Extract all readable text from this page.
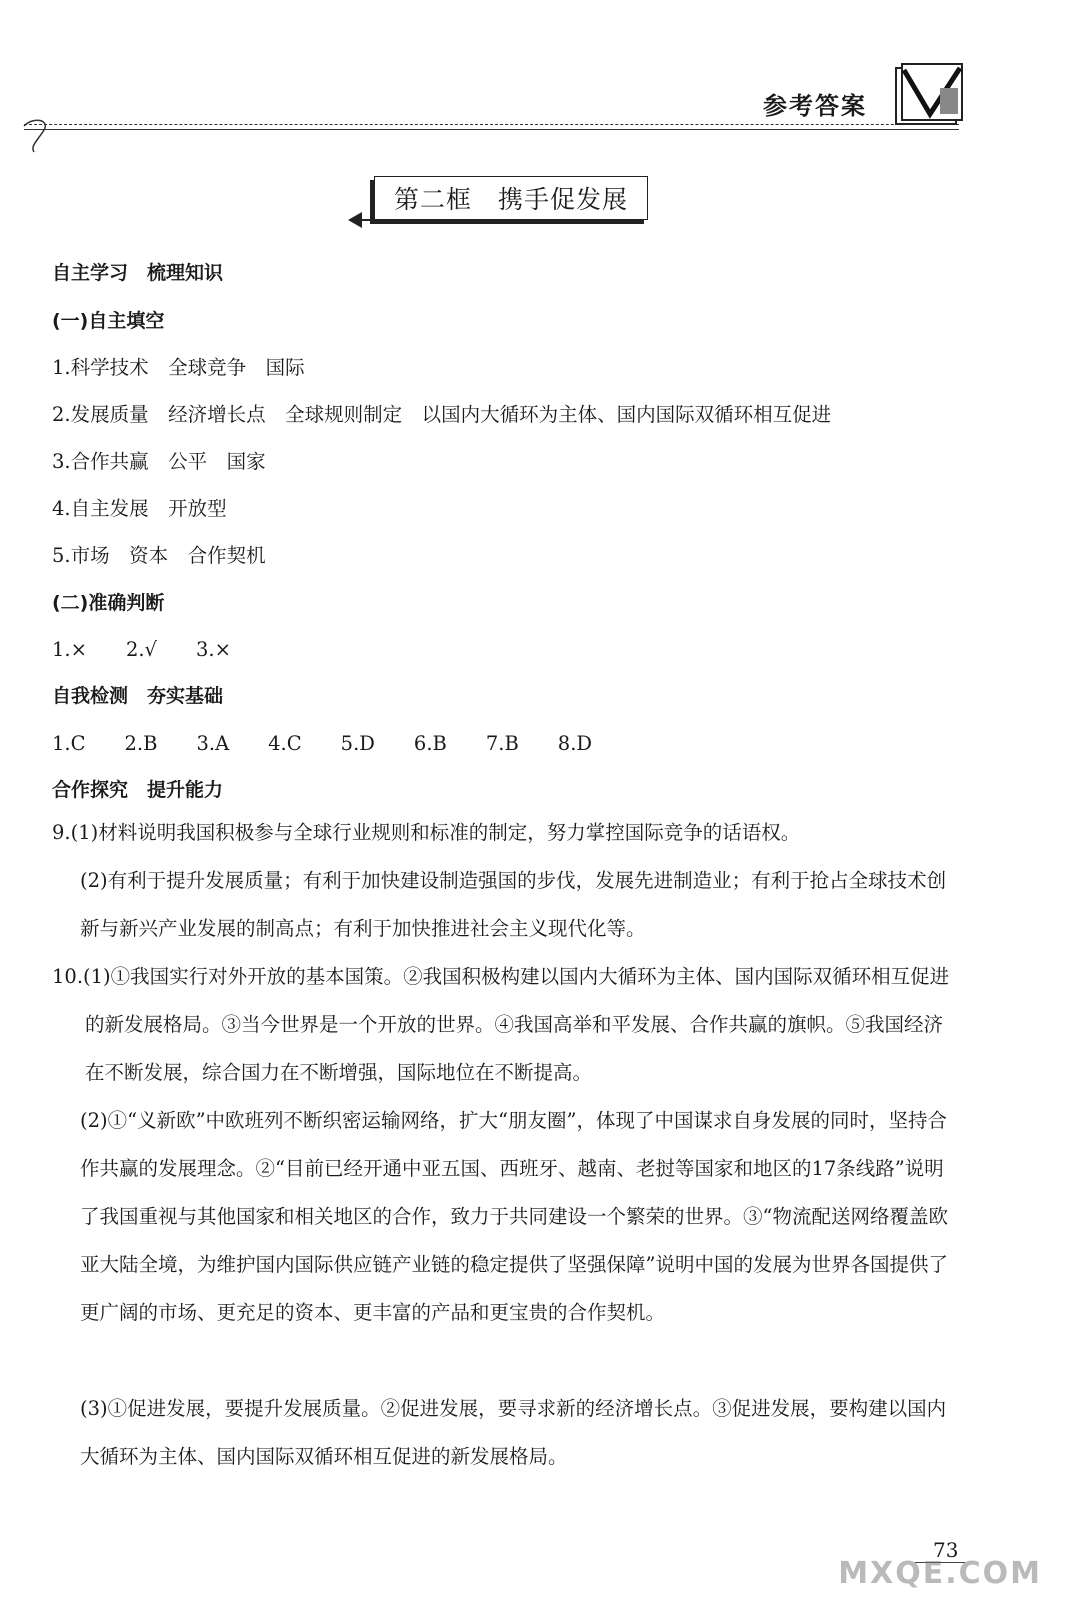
参考答案
第二框　携手促发展
自主学习　梳理知识
(一)自主填空
1.科学技术　全球竞争　国际
2.发展质量　经济增长点　全球规则制定　以国内大循环为主体、国内国际双循环相互促进
3.合作共赢　公平　国家
4.自主发展　开放型
5.市场　资本　合作契机
(二)准确判断
1.×　　2.√　　3.×
自我检测　夯实基础
1.C　　2.B　　3.A　　4.C　　5.D　　6.B　　7.B　　8.D
合作探究　提升能力
9.(1)材料说明我国积极参与全球行业规则和标准的制定，努力掌控国际竞争的话语权。
(2)有利于提升发展质量；有利于加快建设制造强国的步伐，发展先进制造业；有利于抢占全球技术创新与新兴产业发展的制高点；有利于加快推进社会主义现代化等。
10.(1)①我国实行对外开放的基本国策。②我国积极构建以国内大循环为主体、国内国际双循环相互促进的新发展格局。③当今世界是一个开放的世界。④我国高举和平发展、合作共赢的旗帜。⑤我国经济在不断发展，综合国力在不断增强，国际地位在不断提高。
(2)①“义新欧”中欧班列不断织密运输网络，扩大“朋友圈”，体现了中国谋求自身发展的同时，坚持合作共赢的发展理念。②“目前已经开通中亚五国、西班牙、越南、老挝等国家和地区的17条线路”说明了我国重视与其他国家和相关地区的合作，致力于共同建设一个繁荣的世界。③“物流配送网络覆盖欧亚大陆全境，为维护国内国际供应链产业链的稳定提供了坚强保障”说明中国的发展为世界各国提供了更广阔的市场、更充足的资本、更丰富的产品和更宝贵的合作契机。
(3)①促进发展，要提升发展质量。②促进发展，要寻求新的经济增长点。③促进发展，要构建以国内大循环为主体、国内国际双循环相互促进的新发展格局。
73
MXQE.COM
